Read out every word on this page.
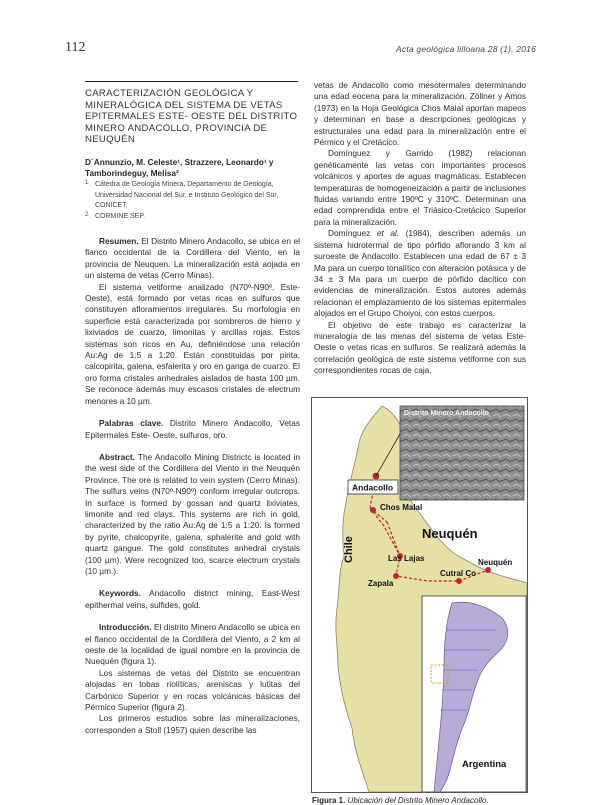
112	Acta geológica lilloana 28 (1), 2016
CARACTERIZACIÓN GEOLÓGICA Y MINERALÓGICA DEL SISTEMA DE VETAS EPITERMALES ESTE- OESTE DEL DISTRITO MINERO ANDACOLLO, PROVINCIA DE NEUQUÉN
D´Annunzio, M. Celeste¹, Strazzere, Leonardo¹ y Tamborindeguy, Melisa²
1 Cátedra de Geología Minera, Departamento de Geología, Universidad Nacional del Sur, e Instituto Geológico del Sur, CONICET.
2 CORMINE SEP.

Resumen. El Distrito Minero Andacollo, se ubica en el flanco occidental de la Cordillera del Viento, en la provincia de Neuquen. La mineralización está aojada en un sistema de vetas (Cerro Minas).

El sistema vetiforme analizado (N70º-N90º, Este-Oeste), está formado por vetas ricas en sulfuros que constituyen afloramientos irregulares. Su morfología en superficie está caracterizada por sombreros de hierro y lixiviados de cuarzo, limonitas y arcillas rojas. Estos sistemas son ricos en Au, definiéndose una relación Au:Ag de 1:5 a 1:20. Están constituidas por pirita, calcopirita, galena, esfalerita y oro en ganga de cuarzo. El oro forma cristales anhedrales aislados de hasta 100 µm. Se reconoce además muy escasos cristales de electrum menores a 10 µm.

Palabras clave. Distrito Minero Andacollo, Vetas Epitermales Este- Oeste, sulfuros, oro.

Abstract. The Andacollo Mining Districtc is located in the west side of the Cordillera del Viento in the Neuquén Province. The ore is related to vein system (Cerro Minas). The sulfurs veins (N70º-N90º) conform irregular outcrops. In surface is formed by gossan and quartz lixiviates, limonite and red clays. This systems are rich in gold, characterized by the ratio Au:Ag de 1:5 a 1:20. Is formed by pyrite, chalcopyrite, galena, sphalerite and gold with quartz gangue. The gold constitutes anhedral crystals (100 µm). Were recognized too, scarce electrum crystals (10 µm.).

Keywords. Andacollo district mining, East-West epithermal veins, sulfides, gold.

Introducción. El distrito Minero Andacollo se ubica en el flanco occidental de la Cordillera del Viento, a 2 km al oeste de la localidad de igual nombre en la provincia de Nuequén (figura 1).

Los sistemas de vetas del Distrito se encuentran alojadas en tobas riolíticas, areniscas y lutitas del Carbónico Superior y en rocas volcánicas básicas del Pérmico Superior (figura 2).

Los primeros estudios sobre las mineralizaciones, corresponden a Stoll (1957) quien describe las

vetas de Andacollo como mesotermales determinando una edad eocena para la mineralización. Zöllner y Amos (1973) en la Hoja Geológica Chos Malal aportan mapeos y determinan en base a descripciones geológicas y estructurales una edad para la mineralización entre el Pérmico y el Cretácico.

Domínguez y Garrido (1982) relacionan genéticamente las vetas con importantes procesos volcánicos y aportes de aguas magmáticas. Establecen temperaturas de homogeneización a partir de inclusiones fluidas variando entre 190ºC y 310ºC. Determinan una edad comprendida entre el Triásico-Cretácico Superior para la mineralización.

Domínguez et al. (1984), describen además un sistema hidrotermal de tipo pórfido aflorando 3 km al suroeste de Andacollo. Establecen una edad de 67 ± 3 Ma para un cuerpo tonalítico con alteración potásica y de 34 ± 3 Ma para un cuerpo de pórfido dacítico con evidencias de mineralización. Estos autores además relacionan el emplazamiento de los sistemas epitermales alojados en el Grupo Choiyoi, con estos cuerpos.

El objetivo de este trabajo es caracterizar la mineralogía de las menas del sistema de vetas Este-Oeste o vetas ricas en sulfuros. Se realizará además la correlación geológica de este sistema vetiforme con sus correspondientes rocas de caja.

Distrito Minero Andacollo
Andacollo
Chos Malal
Neuquén
Las Lajas
Zapala
Cutral Co
Neuquén
Chile
Argentina
Figura 1. Ubicación del Distrito Minero Andacollo.
